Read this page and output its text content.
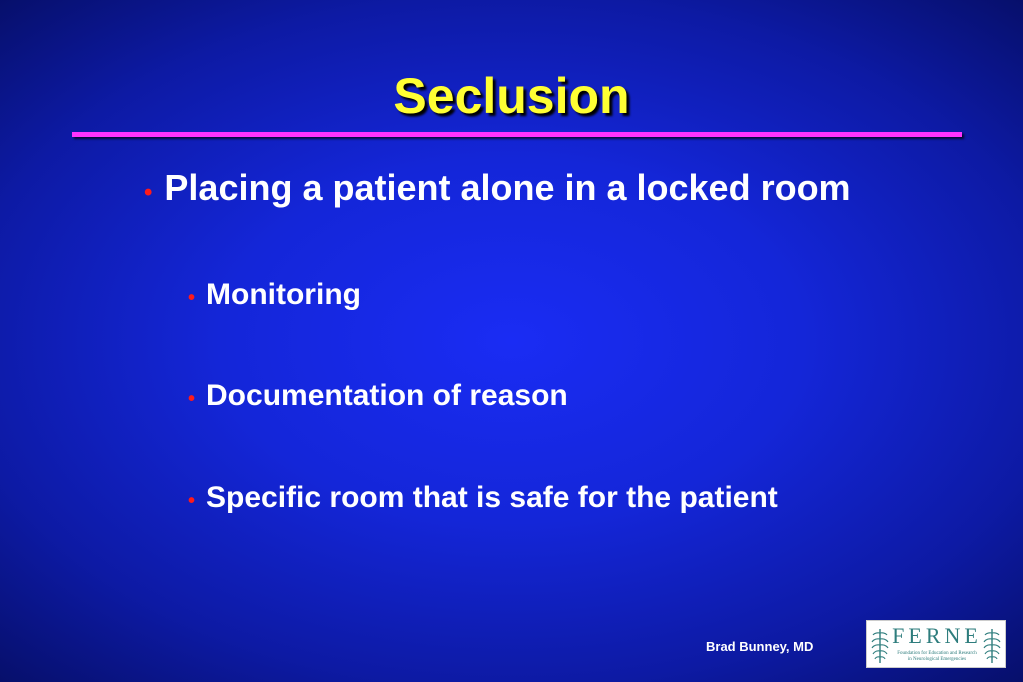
Seclusion
• Placing a patient alone in a locked room
• Monitoring
• Documentation of reason
• Specific room that is safe for the patient
Brad Bunney, MD	FERNE
Foundation for Education and Research in Neurological Emergencies
